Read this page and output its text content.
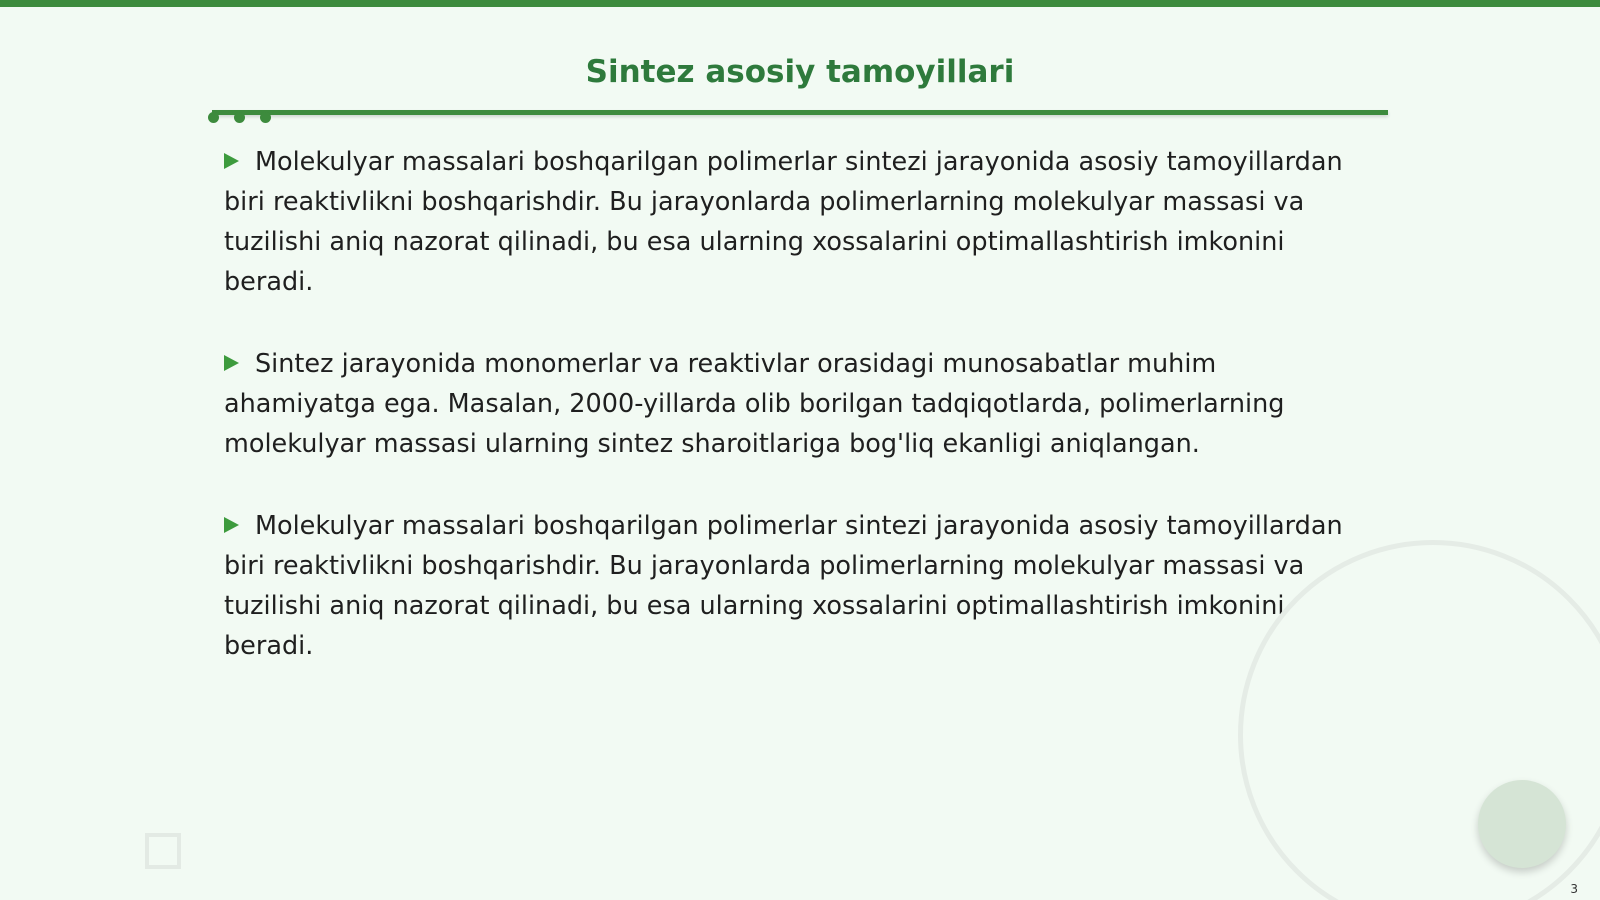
Sintez asosiy tamoyillari

Molekulyar massalari boshqarilgan polimerlar sintezi jarayonida asosiy tamoyillardan biri reaktivlikni boshqarishdir. Bu jarayonlarda polimerlarning molekulyar massasi va tuzilishi aniq nazorat qilinadi, bu esa ularning xossalarini optimallashtirish imkonini beradi.

Sintez jarayonida monomerlar va reaktivlar orasidagi munosabatlar muhim ahamiyatga ega. Masalan, 2000-yillarda olib borilgan tadqiqotlarda, polimerlarning molekulyar massasi ularning sintez sharoitlariga bog'liq ekanligi aniqlangan.

Molekulyar massalari boshqarilgan polimerlar sintezi jarayonida asosiy tamoyillardan biri reaktivlikni boshqarishdir. Bu jarayonlarda polimerlarning molekulyar massasi va tuzilishi aniq nazorat qilinadi, bu esa ularning xossalarini optimallashtirish imkonini beradi.

3
